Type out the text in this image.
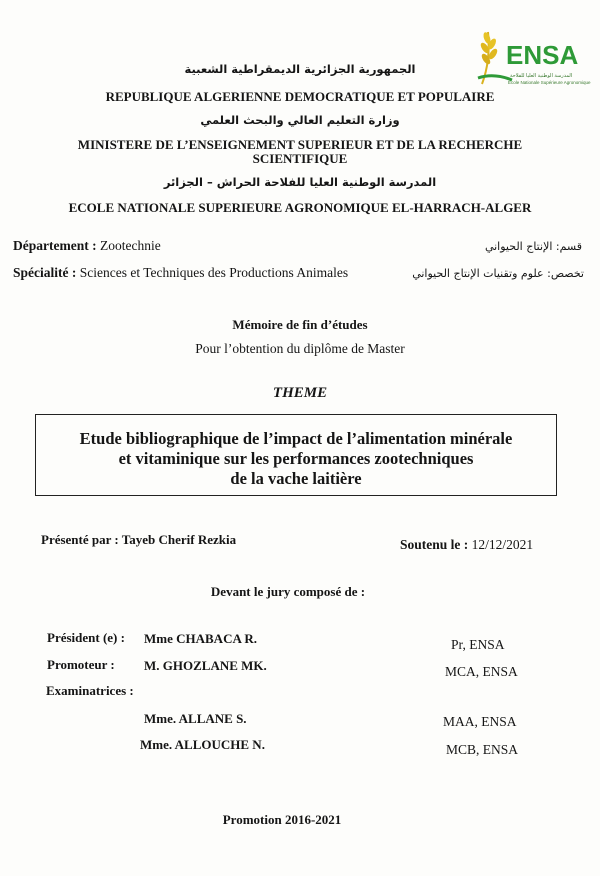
ENSA
المدرسة الوطنية العليا للفلاحة
École Nationale Supérieure Agronomique
الجمهورية الجزائرية الديمقراطية الشعبية
REPUBLIQUE ALGERIENNE DEMOCRATIQUE ET POPULAIRE
وزارة التعليم العالي والبحث العلمي
MINISTERE DE L’ENSEIGNEMENT SUPERIEUR ET DE LA RECHERCHE
SCIENTIFIQUE
المدرسة الوطنية العليا للفلاحة الحراش – الجزائر
ECOLE NATIONALE SUPERIEURE AGRONOMIQUE EL-HARRACH-ALGER
Département : Zootechnie	قسم: الإنتاج الحيواني
Spécialité : Sciences et Techniques des Productions Animales	تخصص: علوم وتقنيات الإنتاج الحيواني
Mémoire de fin d’études
Pour l’obtention du diplôme de Master
THEME
Etude bibliographique de l’impact de l’alimentation minérale
et vitaminique sur les performances zootechniques
de la vache laitière
Présenté par : Tayeb Cherif Rezkia	Soutenu le : 12/12/2021
Devant le jury composé de :
Président (e) : Mme CHABACA R.	Pr, ENSA
Promoteur : M. GHOZLANE MK.	MCA, ENSA
Examinatrices :
Mme. ALLANE S.	MAA, ENSA
Mme. ALLOUCHE N.	MCB, ENSA
Promotion 2016-2021
